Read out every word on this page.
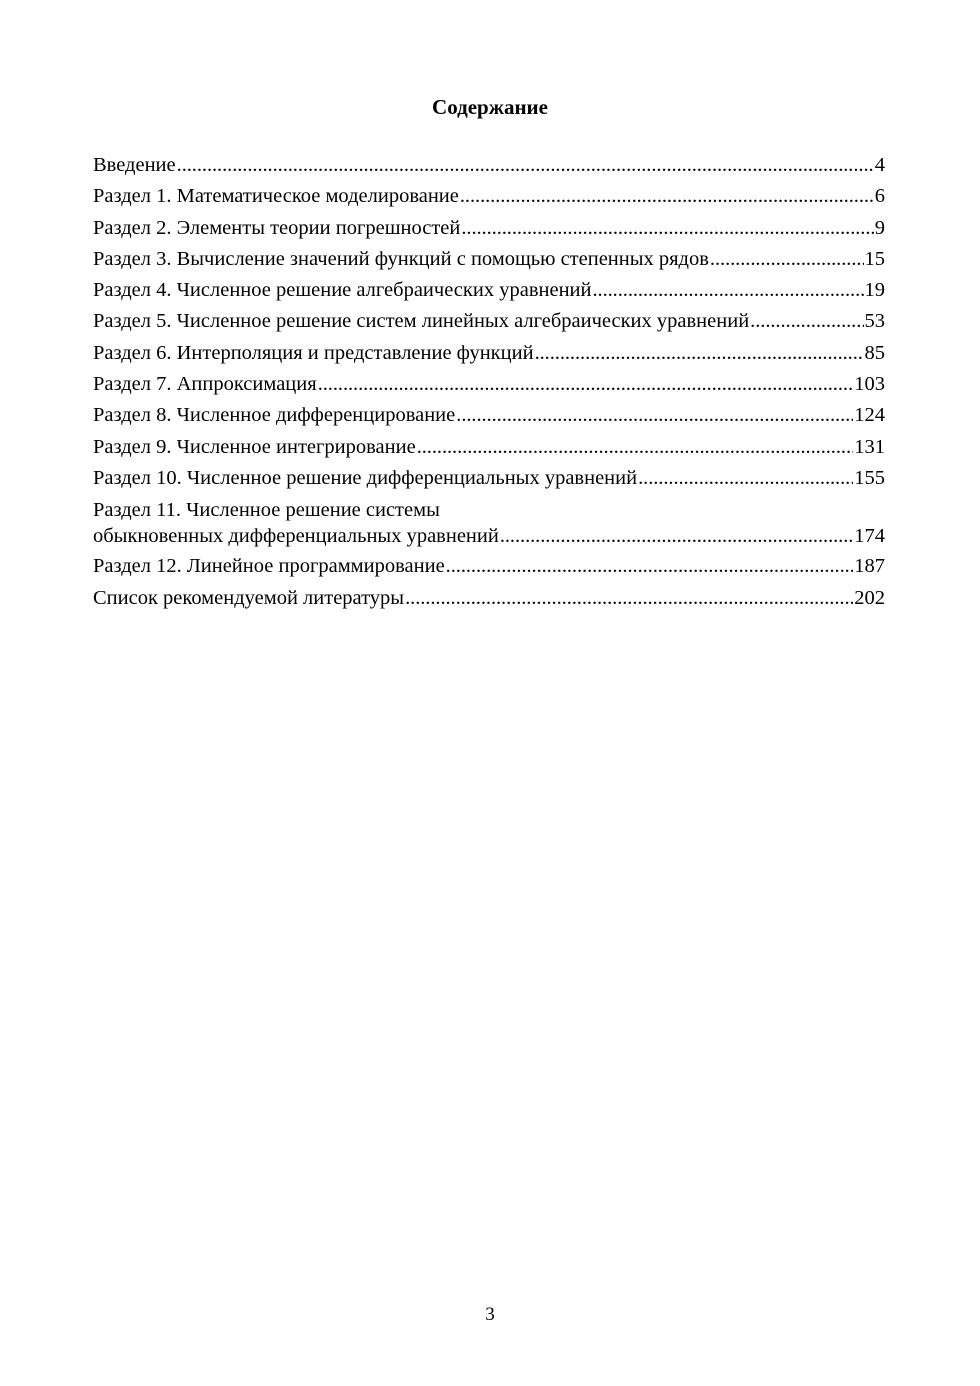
Содержание
Введение . . .	4
Раздел 1. Математическое моделирование . . .	6
Раздел 2. Элементы теории погрешностей . . .	9
Раздел 3. Вычисление значений функций с помощью степенных рядов . . .	15
Раздел 4. Численное решение алгебраических уравнений . . .	19
Раздел 5. Численное решение систем линейных алгебраических уравнений . . .	53
Раздел 6. Интерполяция и представление функций . . .	85
Раздел 7. Аппроксимация . . .	103
Раздел 8. Численное дифференцирование . . .	124
Раздел 9. Численное интегрирование . . .	131
Раздел 10. Численное решение дифференциальных уравнений . . .	155
Раздел 11. Численное решение системы
обыкновенных дифференциальных уравнений . . .	174
Раздел 12. Линейное программирование . . .	187
Список рекомендуемой литературы . . .	202
3
